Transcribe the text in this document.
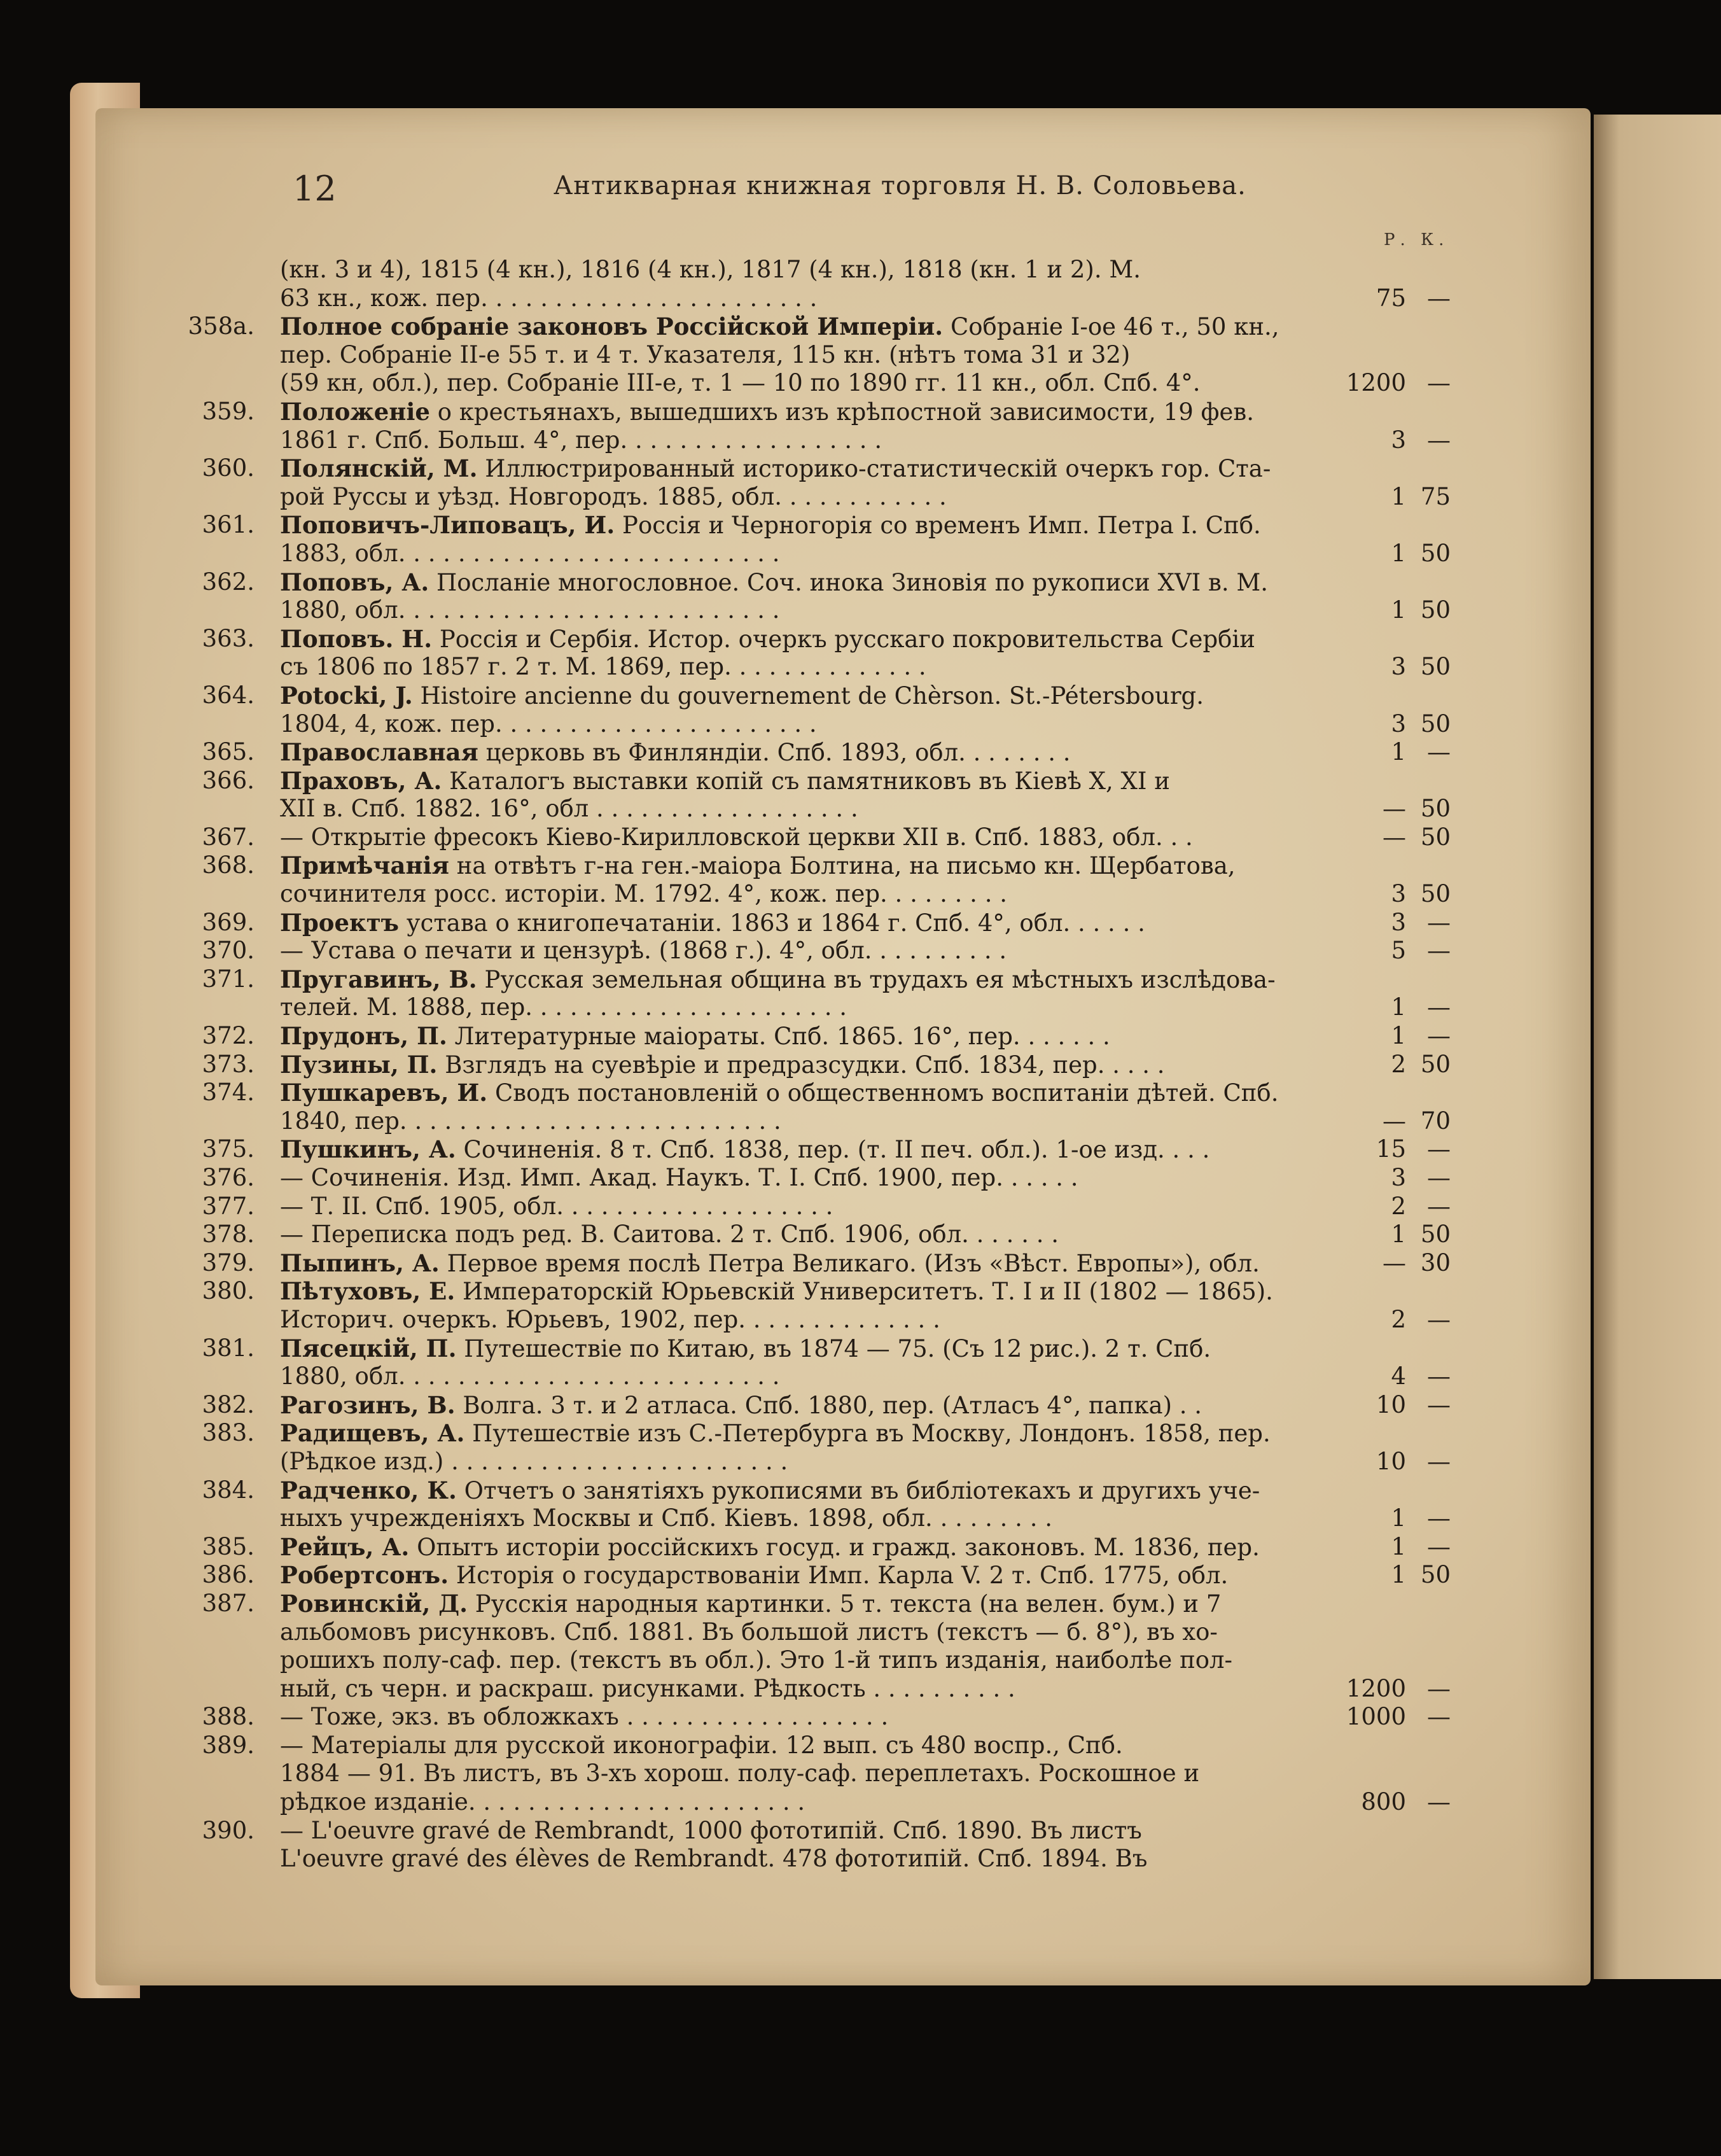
12	Антикварная книжная торговля Н. В. Соловьева.
Р. К.
(кн. 3 и 4), 1815 (4 кн.), 1816 (4 кн.), 1817 (4 кн.), 1818 (кн. 1 и 2). М.
63 кн., кож. пер. . . . . . . . . . . . . . . . . . . . . . .	75 —
358а. Полное собраніе законовъ Россійской Имперіи. Собраніе I-ое 46 т., 50 кн.,
пер. Собраніе II-е 55 т. и 4 т. Указателя, 115 кн. (нѣтъ тома 31 и 32)
(59 кн, обл.), пер. Собраніе III-е, т. 1 — 10 по 1890 гг. 11 кн., обл. Спб. 4°.	1200 —
359. Положеніе о крестьянахъ, вышедшихъ изъ крѣпостной зависимости, 19 фев.
1861 г. Спб. Больш. 4°, пер. . . . . . . . . . . . . . . . . .	3 —
360. Полянскій, М. Иллюстрированный историко-статистическій очеркъ гор. Ста-
рой Руссы и уѣзд. Новгородъ. 1885, обл. . . . . . . . . . . .	1 75
361. Поповичъ-Липовацъ, И. Россія и Черногорія со временъ Имп. Петра I. Спб.
1883, обл. . . . . . . . . . . . . . . . . . . . . . . . . .	1 50
362. Поповъ, А. Посланіе многословное. Соч. инока Зиновія по рукописи XVI в. М.
1880, обл. . . . . . . . . . . . . . . . . . . . . . . . . .	1 50
363. Поповъ. Н. Россія и Сербія. Истор. очеркъ русскаго покровительства Сербіи
съ 1806 по 1857 г. 2 т. М. 1869, пер. . . . . . . . . . . . . .	3 50
364. Potocki, J. Histoire ancienne du gouvernement de Chèrson. St.-Pétersbourg.
1804, 4, кож. пер. . . . . . . . . . . . . . . . . . . . . .	3 50
365. Православная церковь въ Финляндіи. Спб. 1893, обл. . . . . . . .	1 —
366. Праховъ, А. Каталогъ выставки копій съ памятниковъ въ Кіевѣ X, XI и
XII в. Спб. 1882. 16°, обл . . . . . . . . . . . . . . . . . .	— 50
367. — Открытіе фресокъ Кіево-Кирилловской церкви XII в. Спб. 1883, обл. . .	— 50
368. Примѣчанія на отвѣтъ г-на ген.-маіора Болтина, на письмо кн. Щербатова,
сочинителя росс. исторіи. М. 1792. 4°, кож. пер. . . . . . . . .	3 50
369. Проектъ устава о книгопечатаніи. 1863 и 1864 г. Спб. 4°, обл. . . . . .	3 —
370. — Устава о печати и цензурѣ. (1868 г.). 4°, обл. . . . . . . . . .	5 —
371. Пругавинъ, В. Русская земельная община въ трудахъ ея мѣстныхъ изслѣдова-
телей. М. 1888, пер. . . . . . . . . . . . . . . . . . . . . .	1 —
372. Прудонъ, П. Литературные маіораты. Спб. 1865. 16°, пер. . . . . . .	1 —
373. Пузины, П. Взглядъ на суевѣріе и предразсудки. Спб. 1834, пер. . . . .	2 50
374. Пушкаревъ, И. Сводъ постановленій о общественномъ воспитаніи дѣтей. Спб.
1840, пер. . . . . . . . . . . . . . . . . . . . . . . . . .	— 70
375. Пушкинъ, А. Сочиненія. 8 т. Спб. 1838, пер. (т. II печ. обл.). 1-ое изд. . . .	15 —
376. — Сочиненія. Изд. Имп. Акад. Наукъ. Т. I. Спб. 1900, пер. . . . . .	3 —
377. — Т. II. Спб. 1905, обл. . . . . . . . . . . . . . . . . . .	2 —
378. — Переписка подъ ред. В. Саитова. 2 т. Спб. 1906, обл. . . . . . .	1 50
379. Пыпинъ, А. Первое время послѣ Петра Великаго. (Изъ «Вѣст. Европы»), обл.	— 30
380. Пѣтуховъ, Е. Императорскій Юрьевскій Университетъ. Т. I и II (1802 — 1865).
Историч. очеркъ. Юрьевъ, 1902, пер. . . . . . . . . . . . . .	2 —
381. Пясецкій, П. Путешествіе по Китаю, въ 1874 — 75. (Съ 12 рис.). 2 т. Спб.
1880, обл. . . . . . . . . . . . . . . . . . . . . . . . . .	4 —
382. Рагозинъ, В. Волга. 3 т. и 2 атласа. Спб. 1880, пер. (Атласъ 4°, папка) . .	10 —
383. Радищевъ, А. Путешествіе изъ С.-Петербурга въ Москву, Лондонъ. 1858, пер.
(Рѣдкое изд.) . . . . . . . . . . . . . . . . . . . . . . .	10 —
384. Радченко, К. Отчетъ о занятіяхъ рукописями въ библіотекахъ и другихъ уче-
ныхъ учрежденіяхъ Москвы и Спб. Кіевъ. 1898, обл. . . . . . . . .	1 —
385. Рейцъ, А. Опытъ исторіи россійскихъ госуд. и гражд. законовъ. М. 1836, пер.	1 —
386. Робертсонъ. Исторія о государствованіи Имп. Карла V. 2 т. Спб. 1775, обл.	1 50
387. Ровинскій, Д. Русскія народныя картинки. 5 т. текста (на велен. бум.) и 7
альбомовъ рисунковъ. Спб. 1881. Въ большой листъ (текстъ — б. 8°), въ хо-
рошихъ полу-саф. пер. (текстъ въ обл.). Это 1-й типъ изданія, наиболѣе пол-
ный, съ черн. и раскраш. рисунками. Рѣдкость . . . . . . . . . .	1200 —
388. — Тоже, экз. въ обложкахъ . . . . . . . . . . . . . . . . . .	1000 —
389. — Матеріалы для русской иконографіи. 12 вып. съ 480 воспр., Спб.
1884 — 91. Въ листъ, въ 3-хъ хорош. полу-саф. переплетахъ. Роскошное и
рѣдкое изданіе. . . . . . . . . . . . . . . . . . . . . . .	800 —
390. — L'oeuvre gravé de Rembrandt, 1000 фототипій. Спб. 1890. Въ листъ
L'oeuvre gravé des élèves de Rembrandt. 478 фототипій. Спб. 1894. Въ
